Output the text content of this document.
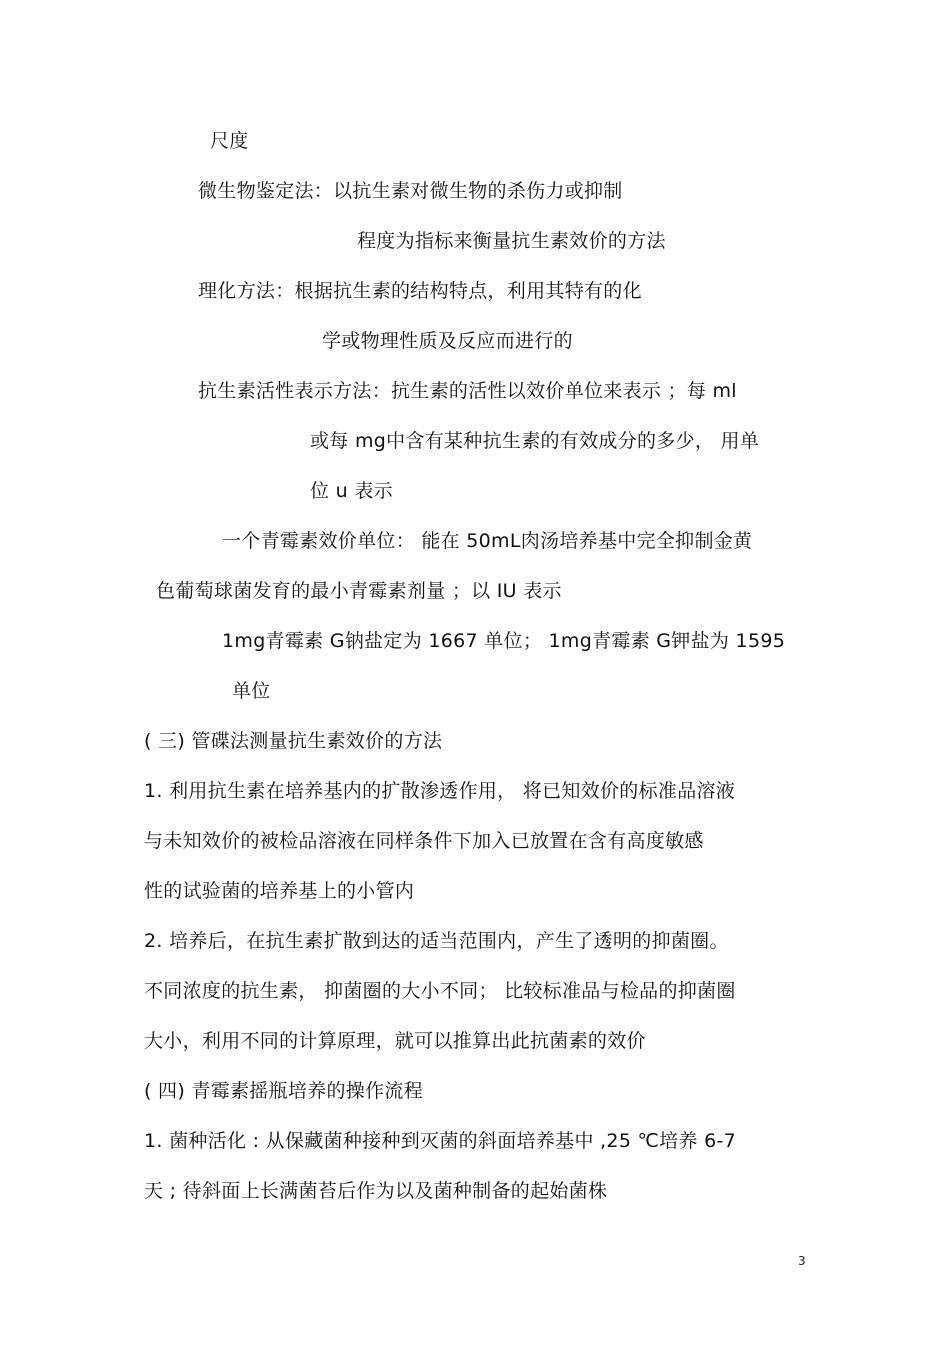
尺度
微生物鉴定法：以抗生素对微生物的杀伤力或抑制
程度为指标来衡量抗生素效价的方法
理化方法：根据抗生素的结构特点，利用其特有的化
学或物理性质及反应而进行的
抗生素活性表示方法：抗生素的活性以效价单位来表示 ；每 ml
或每 mg中含有某种抗生素的有效成分的多少， 用单
位 u 表示
一个青霉素效价单位： 能在 50mL肉汤培养基中完全抑制金黄
色葡萄球菌发育的最小青霉素剂量 ；以 IU 表示
1mg青霉素 G钠盐定为 1667 单位； 1mg青霉素 G钾盐为 1595
单位
( 三) 管碟法测量抗生素效价的方法
1. 利用抗生素在培养基内的扩散渗透作用， 将已知效价的标准品溶液
与未知效价的被检品溶液在同样条件下加入已放置在含有高度敏感
性的试验菌的培养基上的小管内
2. 培养后，在抗生素扩散到达的适当范围内，产生了透明的抑菌圈。
不同浓度的抗生素， 抑菌圈的大小不同； 比较标准品与检品的抑菌圈
大小，利用不同的计算原理，就可以推算出此抗菌素的效价
( 四) 青霉素摇瓶培养的操作流程
1. 菌种活化 : 从保藏菌种接种到灭菌的斜面培养基中 ,25 ℃培养 6-7
天 ; 待斜面上长满菌苔后作为以及菌种制备的起始菌株
3
